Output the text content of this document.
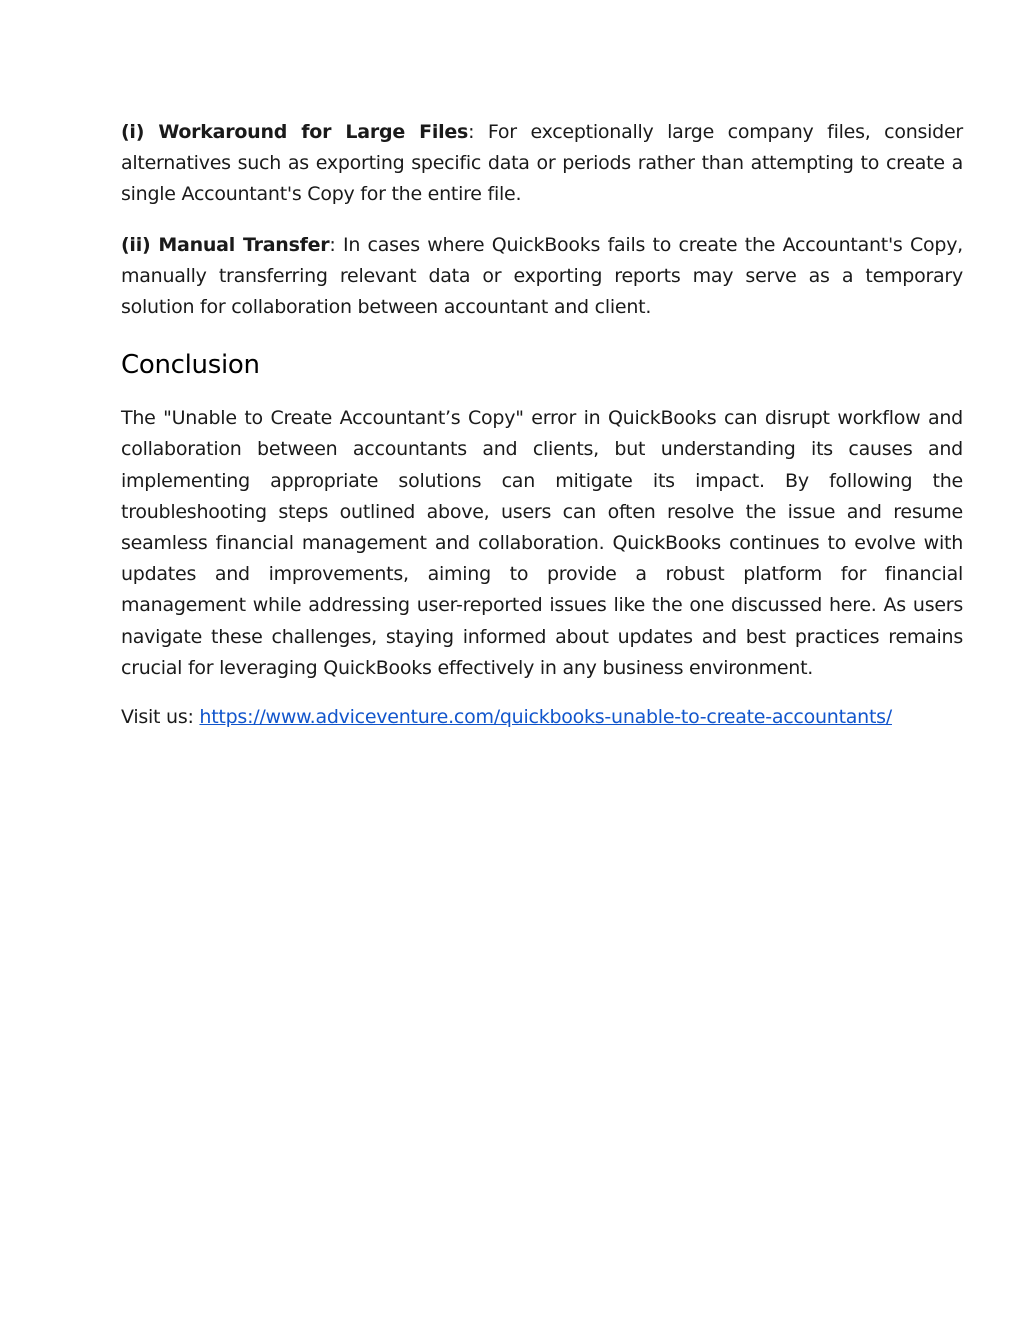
(i) Workaround for Large Files: For exceptionally large company files, consider alternatives such as exporting specific data or periods rather than attempting to create a single Accountant's Copy for the entire file.

(ii) Manual Transfer: In cases where QuickBooks fails to create the Accountant's Copy, manually transferring relevant data or exporting reports may serve as a temporary solution for collaboration between accountant and client.

Conclusion

The "Unable to Create Accountant’s Copy" error in QuickBooks can disrupt workflow and collaboration between accountants and clients, but understanding its causes and implementing appropriate solutions can mitigate its impact. By following the troubleshooting steps outlined above, users can often resolve the issue and resume seamless financial management and collaboration. QuickBooks continues to evolve with updates and improvements, aiming to provide a robust platform for financial management while addressing user-reported issues like the one discussed here. As users navigate these challenges, staying informed about updates and best practices remains crucial for leveraging QuickBooks effectively in any business environment.

Visit us: https://www.adviceventure.com/quickbooks-unable-to-create-accountants/
